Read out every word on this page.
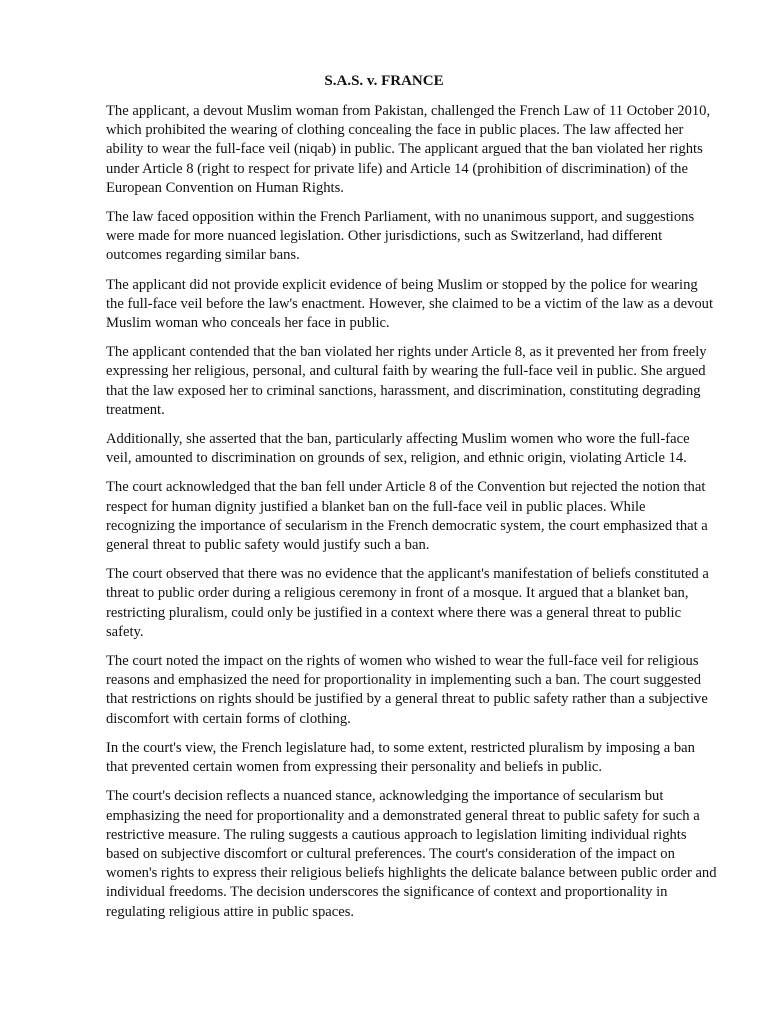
S.A.S. v. FRANCE

The applicant, a devout Muslim woman from Pakistan, challenged the French Law of 11 October 2010, which prohibited the wearing of clothing concealing the face in public places. The law affected her ability to wear the full-face veil (niqab) in public. The applicant argued that the ban violated her rights under Article 8 (right to respect for private life) and Article 14 (prohibition of discrimination) of the European Convention on Human Rights.

The law faced opposition within the French Parliament, with no unanimous support, and suggestions were made for more nuanced legislation. Other jurisdictions, such as Switzerland, had different outcomes regarding similar bans.

The applicant did not provide explicit evidence of being Muslim or stopped by the police for wearing the full-face veil before the law's enactment. However, she claimed to be a victim of the law as a devout Muslim woman who conceals her face in public.

The applicant contended that the ban violated her rights under Article 8, as it prevented her from freely expressing her religious, personal, and cultural faith by wearing the full-face veil in public. She argued that the law exposed her to criminal sanctions, harassment, and discrimination, constituting degrading treatment.

Additionally, she asserted that the ban, particularly affecting Muslim women who wore the full-face veil, amounted to discrimination on grounds of sex, religion, and ethnic origin, violating Article 14.

The court acknowledged that the ban fell under Article 8 of the Convention but rejected the notion that respect for human dignity justified a blanket ban on the full-face veil in public places. While recognizing the importance of secularism in the French democratic system, the court emphasized that a general threat to public safety would justify such a ban.

The court observed that there was no evidence that the applicant's manifestation of beliefs constituted a threat to public order during a religious ceremony in front of a mosque. It argued that a blanket ban, restricting pluralism, could only be justified in a context where there was a general threat to public safety.

The court noted the impact on the rights of women who wished to wear the full-face veil for religious reasons and emphasized the need for proportionality in implementing such a ban. The court suggested that restrictions on rights should be justified by a general threat to public safety rather than a subjective discomfort with certain forms of clothing.

In the court's view, the French legislature had, to some extent, restricted pluralism by imposing a ban that prevented certain women from expressing their personality and beliefs in public.

The court's decision reflects a nuanced stance, acknowledging the importance of secularism but emphasizing the need for proportionality and a demonstrated general threat to public safety for such a restrictive measure. The ruling suggests a cautious approach to legislation limiting individual rights based on subjective discomfort or cultural preferences. The court's consideration of the impact on women's rights to express their religious beliefs highlights the delicate balance between public order and individual freedoms. The decision underscores the significance of context and proportionality in regulating religious attire in public spaces.
